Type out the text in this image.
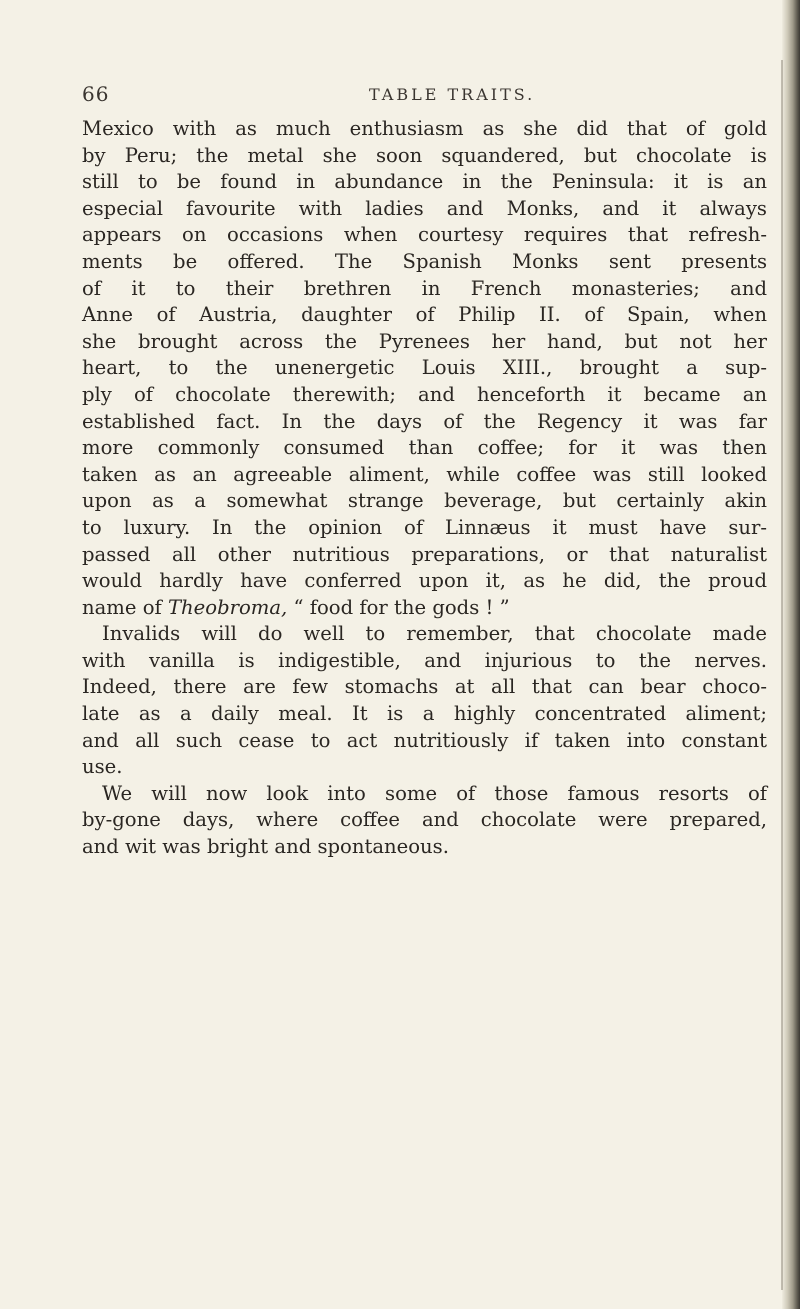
66	TABLE TRAITS.
Mexico with as much enthusiasm as she did that of gold
by Peru; the metal she soon squandered, but chocolate is
still to be found in abundance in the Peninsula: it is an
especial favourite with ladies and Monks, and it always
appears on occasions when courtesy requires that refresh-
ments be offered. The Spanish Monks sent presents
of it to their brethren in French monasteries; and
Anne of Austria, daughter of Philip II. of Spain, when
she brought across the Pyrenees her hand, but not her
heart, to the unenergetic Louis XIII., brought a sup-
ply of chocolate therewith; and henceforth it became an
established fact. In the days of the Regency it was far
more commonly consumed than coffee; for it was then
taken as an agreeable aliment, while coffee was still looked
upon as a somewhat strange beverage, but certainly akin
to luxury. In the opinion of Linnæus it must have sur-
passed all other nutritious preparations, or that naturalist
would hardly have conferred upon it, as he did, the proud
name of Theobroma, “ food for the gods ! ”
Invalids will do well to remember, that chocolate made
with vanilla is indigestible, and injurious to the nerves.
Indeed, there are few stomachs at all that can bear choco-
late as a daily meal. It is a highly concentrated aliment;
and all such cease to act nutritiously if taken into constant
use.
We will now look into some of those famous resorts of
by-gone days, where coffee and chocolate were prepared,
and wit was bright and spontaneous.
